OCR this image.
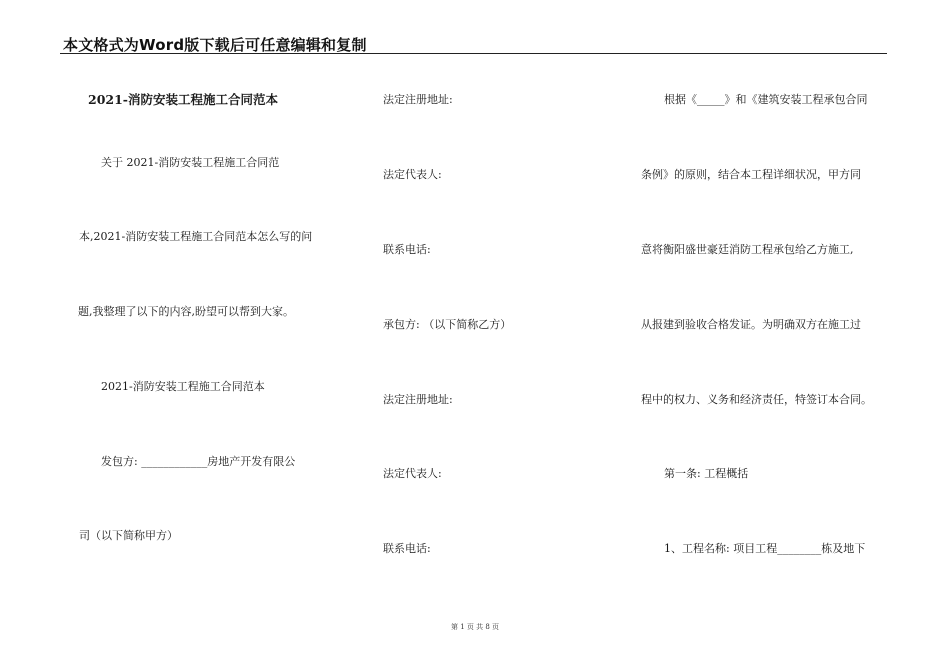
本文格式为Word版下载后可任意编辑和复制
2021-消防安装工程施工合同范本
关于 2021-消防安装工程施工合同范
本,2021-消防安装工程施工合同范本怎么写的问
题,我整理了以下的内容,盼望可以帮到大家。
2021-消防安装工程施工合同范本
发包方: ____________房地产开发有限公
司（以下简称甲方）
法定注册地址:
法定代表人:
联系电话:
承包方: （以下简称乙方）
法定注册地址:
法定代表人:
联系电话:
根据《_____》和《建筑安装工程承包合同
条例》的原则，结合本工程详细状况，甲方同
意将衡阳盛世豪廷消防工程承包给乙方施工,
从报建到验收合格发证。为明确双方在施工过
程中的权力、义务和经济责任，特签订本合同。
第一条: 工程概括
1、工程名称: 项目工程________栋及地下
第 1 页 共 8 页
